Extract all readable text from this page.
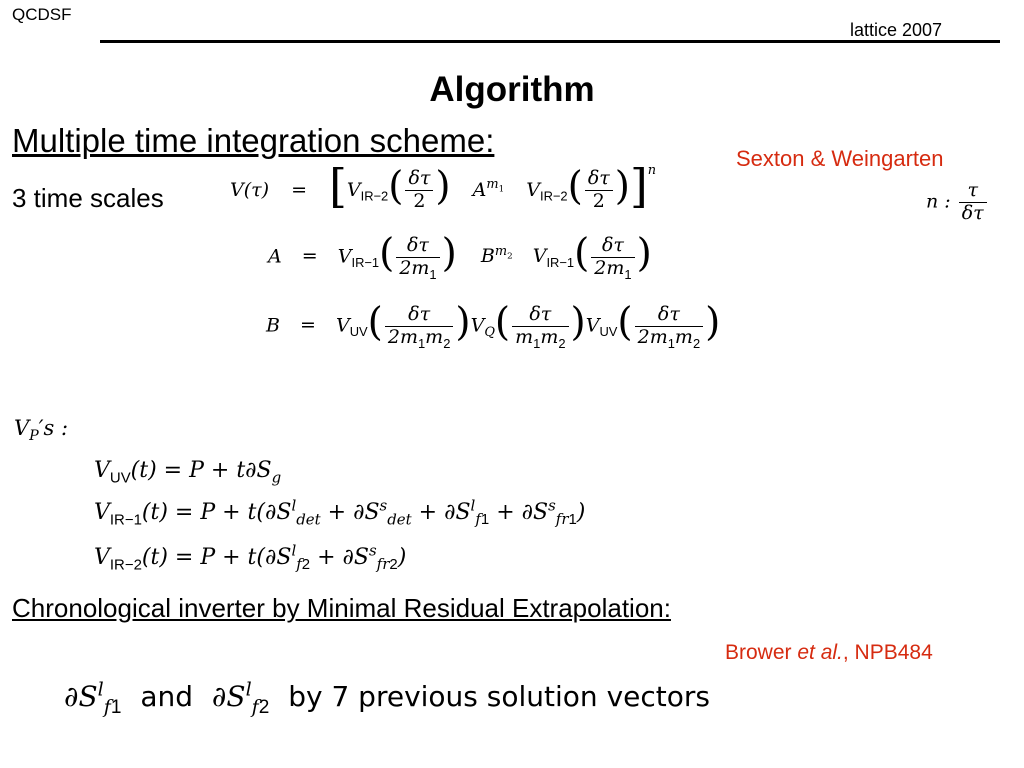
QCDSF
lattice 2007
Algorithm
Multiple time integration scheme:	Sexton & Weingarten
3 time scales	$V(\tau) = [V_{IR-2}( \frac{\delta\tau}{2}$ ) $A^{m_1}$ $V_{IR-2}( \frac{\delta\tau}{2} )]^n$
n : $\frac{\tau}{\delta\tau}$
$A = V_{IR-1}( \frac{\delta\tau}{2m_1}$ ) $B^{m_2}$ $V_{IR-1}( \frac{\delta\tau}{2m_1}$ )
$B = V_{UV}( \frac{\delta\tau}{2m_1m_2} )V_Q( \frac{\delta\tau}{m_1m_2} )V_{UV}( \frac{\delta\tau}{2m_1m_2}$ )
$V_P's$ :
$V_{UV}(t) = P + t\partial S_g$
$V_{IR-1}(t) = P + t(\partial S^l_{det} + \partial S^s_{det} + \partial S^l_{f1} + \partial S^s_{fr1})$
$V_{IR-2}(t) = P + t(\partial S^l_{f2} + \partial S^s_{fr2})$
Chronological inverter by Minimal Residual Extrapolation:
Brower et al., NPB484
$\partial S^l_{f1}$ and $\partial S^l_{f2}$ by 7 previous solution vectors
